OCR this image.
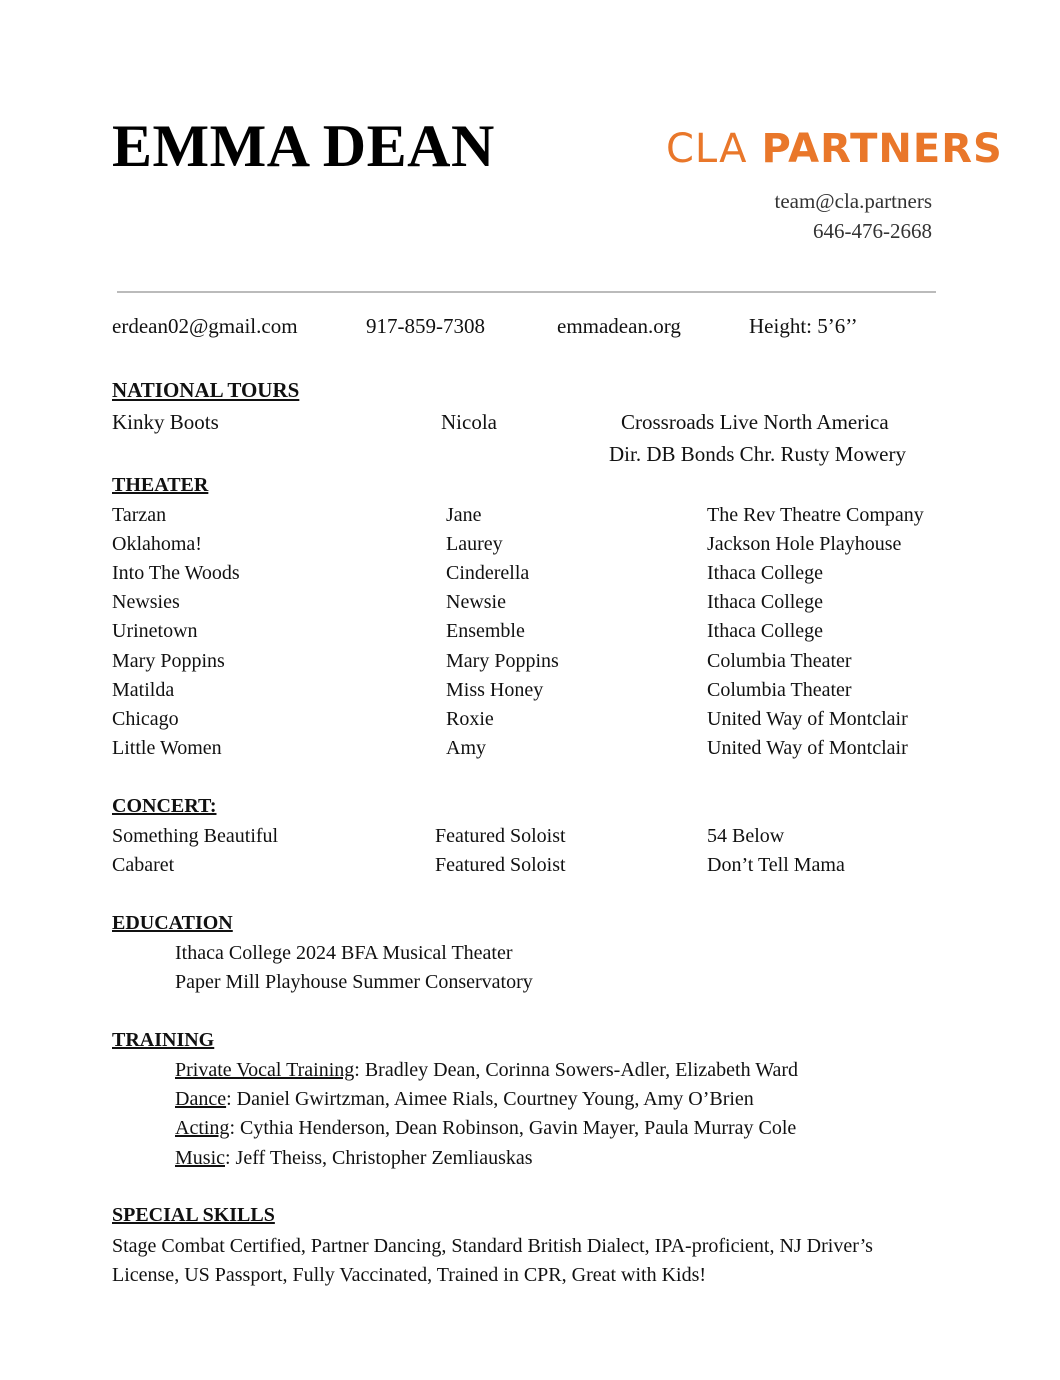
EMMA DEAN	CLA PARTNERS
team@cla.partners
646-476-2668
erdean02@gmail.com	917-859-7308	emmadean.org	Height: 5’6’’
NATIONAL TOURS
Kinky Boots	Nicola	Crossroads Live North America
Dir. DB Bonds Chr. Rusty Mowery
THEATER
Tarzan	Jane	The Rev Theatre Company
Oklahoma!	Laurey	Jackson Hole Playhouse
Into The Woods	Cinderella	Ithaca College
Newsies	Newsie	Ithaca College
Urinetown	Ensemble	Ithaca College
Mary Poppins	Mary Poppins	Columbia Theater
Matilda	Miss Honey	Columbia Theater
Chicago	Roxie	United Way of Montclair
Little Women	Amy	United Way of Montclair
CONCERT:
Something Beautiful	Featured Soloist	54 Below
Cabaret	Featured Soloist	Don’t Tell Mama
EDUCATION
Ithaca College 2024 BFA Musical Theater
Paper Mill Playhouse Summer Conservatory
TRAINING
Private Vocal Training: Bradley Dean, Corinna Sowers-Adler, Elizabeth Ward
Dance: Daniel Gwirtzman, Aimee Rials, Courtney Young, Amy O’Brien
Acting: Cythia Henderson, Dean Robinson, Gavin Mayer, Paula Murray Cole
Music: Jeff Theiss, Christopher Zemliauskas
SPECIAL SKILLS
Stage Combat Certified, Partner Dancing, Standard British Dialect, IPA-proficient, NJ Driver’s License, US Passport, Fully Vaccinated, Trained in CPR, Great with Kids!
